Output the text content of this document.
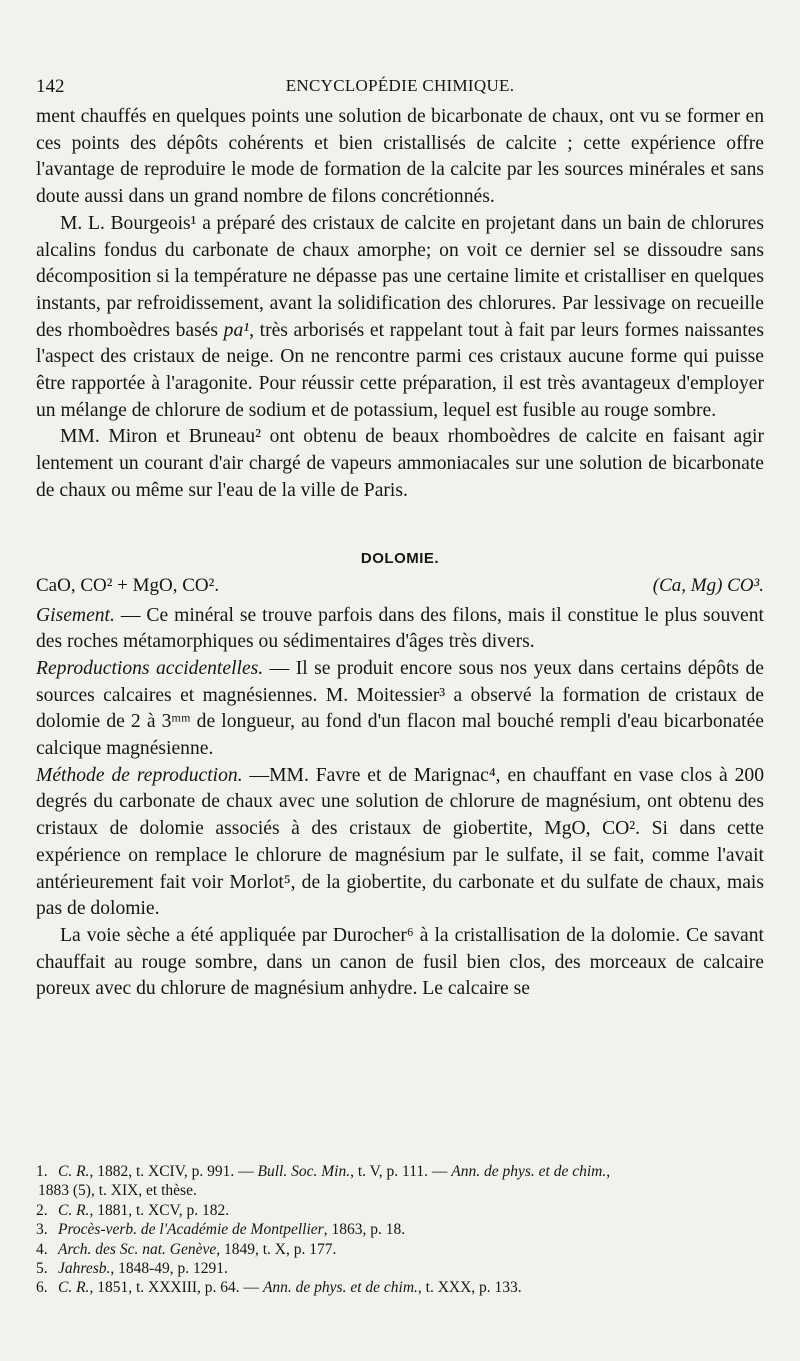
142	ENCYCLOPÉDIE CHIMIQUE.

ment chauffés en quelques points une solution de bicarbonate de chaux, ont vu se former en ces points des dépôts cohérents et bien cristallisés de calcite ; cette expérience offre l'avantage de reproduire le mode de formation de la calcite par les sources minérales et sans doute aussi dans un grand nombre de filons concrétionnés.

M. L. Bourgeois¹ a préparé des cristaux de calcite en projetant dans un bain de chlorures alcalins fondus du carbonate de chaux amorphe; on voit ce dernier sel se dissoudre sans décomposition si la température ne dépasse pas une certaine limite et cristalliser en quelques instants, par refroidissement, avant la solidification des chlorures. Par lessivage on recueille des rhomboèdres basés pa¹, très arborisés et rappelant tout à fait par leurs formes naissantes l'aspect des cristaux de neige. On ne rencontre parmi ces cristaux aucune forme qui puisse être rapportée à l'aragonite. Pour réussir cette préparation, il est très avantageux d'employer un mélange de chlorure de sodium et de potassium, lequel est fusible au rouge sombre.

MM. Miron et Bruneau² ont obtenu de beaux rhomboèdres de calcite en faisant agir lentement un courant d'air chargé de vapeurs ammoniacales sur une solution de bicarbonate de chaux ou même sur l'eau de la ville de Paris.

DOLOMIE.
CaO, CO² + MgO, CO².	(Ca, Mg) CO³.

Gisement. — Ce minéral se trouve parfois dans des filons, mais il constitue le plus souvent des roches métamorphiques ou sédimentaires d'âges très divers.

Reproductions accidentelles. — Il se produit encore sous nos yeux dans certains dépôts de sources calcaires et magnésiennes. M. Moitessier³ a observé la formation de cristaux de dolomie de 2 à 3ᵐᵐ de longueur, au fond d'un flacon mal bouché rempli d'eau bicarbonatée calcique magnésienne.

Méthode de reproduction. —MM. Favre et de Marignac⁴, en chauffant en vase clos à 200 degrés du carbonate de chaux avec une solution de chlorure de magnésium, ont obtenu des cristaux de dolomie associés à des cristaux de giobertite, MgO, CO². Si dans cette expérience on remplace le chlorure de magnésium par le sulfate, il se fait, comme l'avait antérieurement fait voir Morlot⁵, de la giobertite, du carbonate et du sulfate de chaux, mais pas de dolomie.

La voie sèche a été appliquée par Durocher⁶ à la cristallisation de la dolomie. Ce savant chauffait au rouge sombre, dans un canon de fusil bien clos, des morceaux de calcaire poreux avec du chlorure de magnésium anhydre. Le calcaire se

1. C. R., 1882, t. XCIV, p. 991. — Bull. Soc. Min., t. V, p. 111. — Ann. de phys. et de chim.,
1883 (5), t. XIX, et thèse.
2. C. R., 1881, t. XCV, p. 182.
3. Procès-verb. de l'Académie de Montpellier, 1863, p. 18.
4. Arch. des Sc. nat. Genève, 1849, t. X, p. 177.
5. Jahresb., 1848-49, p. 1291.
6. C. R., 1851, t. XXXIII, p. 64. — Ann. de phys. et de chim., t. XXX, p. 133.
